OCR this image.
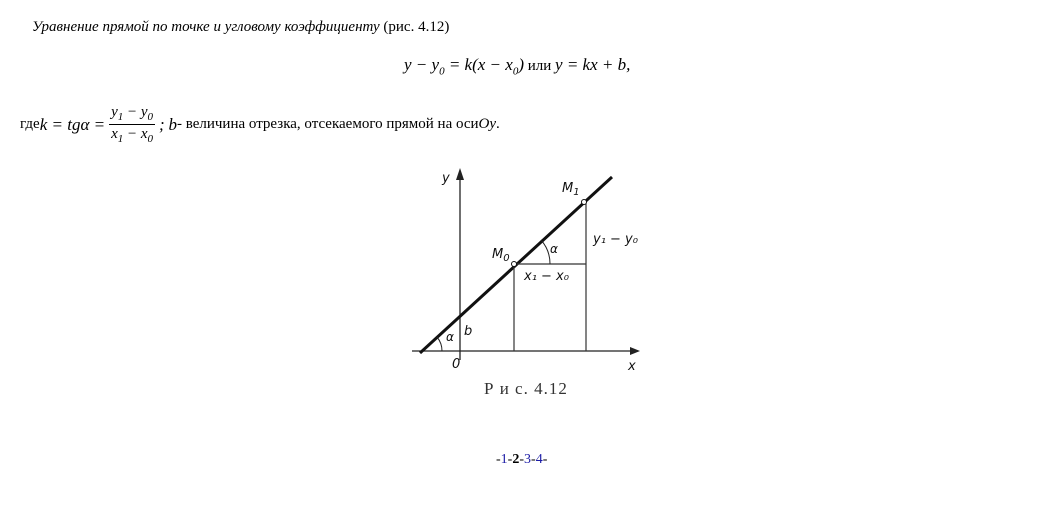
Уравнение прямой по точке и угловому коэффициенту (рис. 4.12)
$y - y_0 = k(x - x_0)$ или y = kx + b,
где $k = tg\alpha = \frac{y_1 - y_0}{x_1 - x_0}$ ;
b - величина отрезка, отсекаемого прямой на оси Oy .
y
x
0
b
α
α
$M_0$
$M_1$
y₁ − y₀
x₁ − x₀
Р и с. 4.12
-1-2-3-4-
